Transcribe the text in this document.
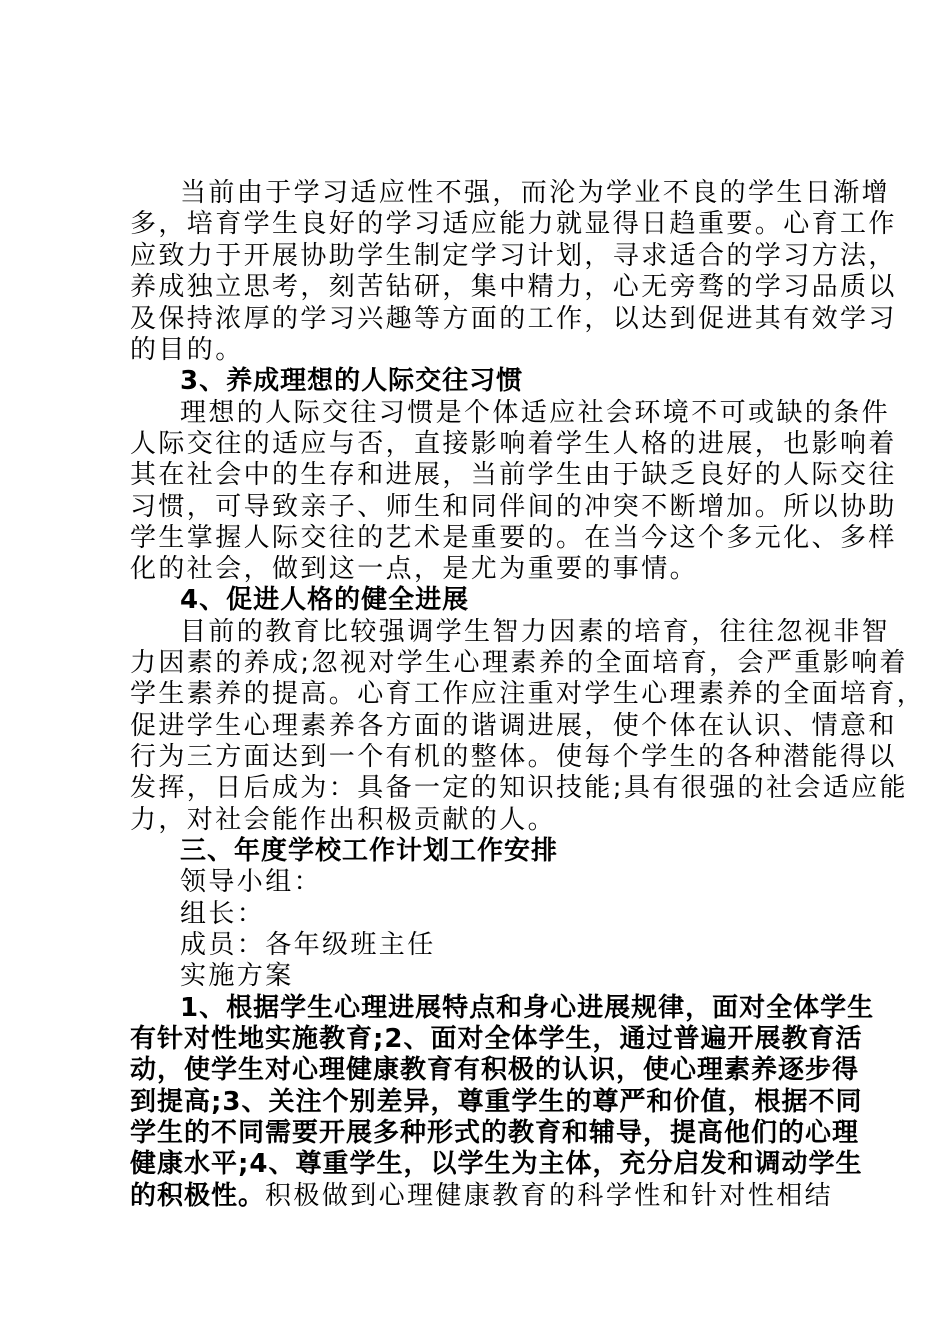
当前由于学习适应性不强，而沦为学业不良的学生日渐增
多，培育学生良好的学习适应能力就显得日趋重要。心育工作
应致力于开展协助学生制定学习计划，寻求适合的学习方法，
养成独立思考，刻苦钻研，集中精力，心无旁骛的学习品质以
及保持浓厚的学习兴趣等方面的工作，以达到促进其有效学习
的目的。
3、养成理想的人际交往习惯
理想的人际交往习惯是个体适应社会环境不可或缺的条件
人际交往的适应与否，直接影响着学生人格的进展，也影响着
其在社会中的生存和进展，当前学生由于缺乏良好的人际交往
习惯，可导致亲子、师生和同伴间的冲突不断增加。所以协助
学生掌握人际交往的艺术是重要的。在当今这个多元化、多样
化的社会，做到这一点，是尤为重要的事情。
4、促进人格的健全进展
目前的教育比较强调学生智力因素的培育，往往忽视非智
力因素的养成;忽视对学生心理素养的全面培育，会严重影响着
学生素养的提高。心育工作应注重对学生心理素养的全面培育，
促进学生心理素养各方面的谐调进展，使个体在认识、情意和
行为三方面达到一个有机的整体。使每个学生的各种潜能得以
发挥，日后成为：具备一定的知识技能;具有很强的社会适应能
力，对社会能作出积极贡献的人。
三、年度学校工作计划工作安排
领导小组：
组长：
成员：各年级班主任
实施方案
1、根据学生心理进展特点和身心进展规律，面对全体学生
有针对性地实施教育;2、面对全体学生，通过普遍开展教育活
动，使学生对心理健康教育有积极的认识，使心理素养逐步得
到提高;3、关注个别差异，尊重学生的尊严和价值，根据不同
学生的不同需要开展多种形式的教育和辅导，提高他们的心理
健康水平;4、尊重学生，以学生为主体，充分启发和调动学生
的积极性。积极做到心理健康教育的科学性和针对性相结
